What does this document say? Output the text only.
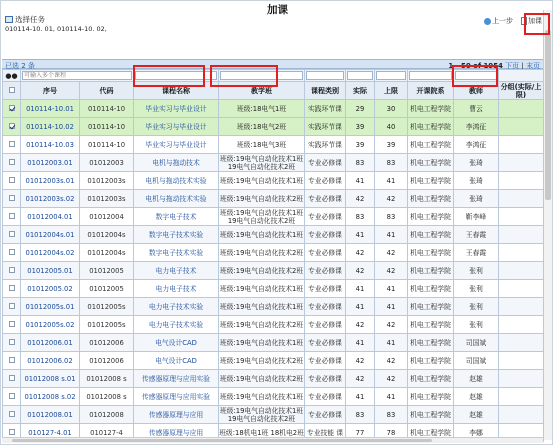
加课
选择任务
010114-10. 01, 010114-10. 02,
上一步 加课
已选 2 条	1 - 50 of 1954 下页 | 末页
●●	可输入多个课程								
	序号	代码	课程名称	教学班	课程类别	实际	上限	开课院系	教师	分组(实际/上限)
	010114-10.01	010114-10	毕业实习与毕业设计	班级:18电气1班	实践环节课	29	30	机电工程学院	曹云	
	010114-10.02	010114-10	毕业实习与毕业设计	班级:18电气2班	实践环节课	39	40	机电工程学院	李鸿征	
	010114-10.03	010114-10	毕业实习与毕业设计	班级:18电气3班	实践环节课	39	39	机电工程学院	李鸿征	
	01012003.01	01012003	电机与拖动技术	班级:19电气自动化技术1班 19电气自动化技术2班	专业必修课	83	83	机电工程学院	张琦	
	01012003s.01	01012003s	电机与拖动技术实验	班级:19电气自动化技术1班	专业必修课	41	41	机电工程学院	张琦	
	01012003s.02	01012003s	电机与拖动技术实验	班级:19电气自动化技术2班	专业必修课	42	42	机电工程学院	张琦	
	01012004.01	01012004	数字电子技术	班级:19电气自动化技术1班 19电气自动化技术2班	专业必修课	83	83	机电工程学院	靳李峰	
	01012004s.01	01012004s	数字电子技术实验	班级:19电气自动化技术1班	专业必修课	41	41	机电工程学院	王春霞	
	01012004s.02	01012004s	数字电子技术实验	班级:19电气自动化技术2班	专业必修课	42	42	机电工程学院	王春霞	
	01012005.01	01012005	电力电子技术	班级:19电气自动化技术2班	专业必修课	42	42	机电工程学院	张利	
	01012005.02	01012005	电力电子技术	班级:19电气自动化技术1班	专业必修课	41	41	机电工程学院	张利	
	01012005s.01	01012005s	电力电子技术实验	班级:19电气自动化技术1班	专业必修课	41	41	机电工程学院	张利	
	01012005s.02	01012005s	电力电子技术实验	班级:19电气自动化技术2班	专业必修课	42	42	机电工程学院	张利	
	01012006.01	01012006	电气设计CAD	班级:19电气自动化技术1班	专业必修课	41	41	机电工程学院	司国斌	
	01012006.02	01012006	电气设计CAD	班级:19电气自动化技术2班	专业必修课	42	42	机电工程学院	司国斌	
	01012008 s.01	01012008 s	传感器原理与应用实验	班级:19电气自动化技术2班	专业必修课	42	42	机电工程学院	赵雄	
	01012008 s.02	01012008 s	传感器原理与应用实验	班级:19电气自动化技术1班	专业必修课	41	41	机电工程学院	赵雄	
	01012008.01	01012008	传感器原理与应用	班级:19电气自动化技术1班 19电气自动化技术2班	专业必修课	83	83	机电工程学院	赵雄	
	010127-4.01	010127-4	传感器原理与应用	班级:18机电1班 18机电2班	专业技能 课	77	78	机电工程学院	李娜	
